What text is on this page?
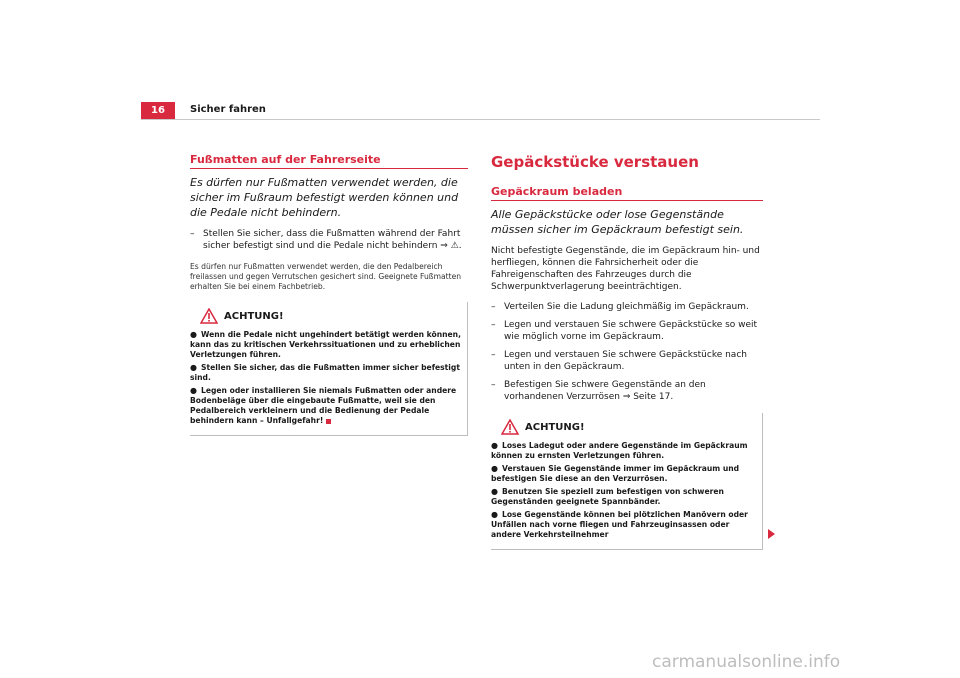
16	Sicher fahren
Fußmatten auf der Fahrerseite
Es dürfen nur Fußmatten verwendet werden, die sicher im Fußraum befestigt werden können und die Pedale nicht behindern.
– Stellen Sie sicher, dass die Fußmatten während der Fahrt sicher befestigt sind und die Pedale nicht behindern ⇒ ⚠.
Es dürfen nur Fußmatten verwendet werden, die den Pedalbereich freilassen und gegen Verrutschen gesichert sind. Geeignete Fußmatten erhalten Sie bei einem Fachbetrieb.
ACHTUNG!
● Wenn die Pedale nicht ungehindert betätigt werden können, kann das zu kritischen Verkehrssituationen und zu erheblichen Verletzungen führen.
● Stellen Sie sicher, das die Fußmatten immer sicher befestigt sind.
● Legen oder installieren Sie niemals Fußmatten oder andere Bodenbeläge über die eingebaute Fußmatte, weil sie den Pedalbereich verkleinern und die Bedienung der Pedale behindern kann – Unfallgefahr!
Gepäckstücke verstauen
Gepäckraum beladen
Alle Gepäckstücke oder lose Gegenstände müssen sicher im Gepäckraum befestigt sein.
Nicht befestigte Gegenstände, die im Gepäckraum hin- und herfliegen, können die Fahrsicherheit oder die Fahreigenschaften des Fahrzeuges durch die Schwerpunktverlagerung beeinträchtigen.
– Verteilen Sie die Ladung gleichmäßig im Gepäckraum.
– Legen und verstauen Sie schwere Gepäckstücke so weit wie möglich vorne im Gepäckraum.
– Legen und verstauen Sie schwere Gepäckstücke nach unten in den Gepäckraum.
– Befestigen Sie schwere Gegenstände an den vorhandenen Verzurrösen ⇒ Seite 17.
ACHTUNG!
● Loses Ladegut oder andere Gegenstände im Gepäckraum können zu ernsten Verletzungen führen.
● Verstauen Sie Gegenstände immer im Gepäckraum und befestigen Sie diese an den Verzurrösen.
● Benutzen Sie speziell zum befestigen von schweren Gegenständen geeignete Spannbänder.
● Lose Gegenstände können bei plötzlichen Manövern oder Unfällen nach vorne fliegen und Fahrzeuginsassen oder andere Verkehrsteilnehmer
carmanualsonline.info
